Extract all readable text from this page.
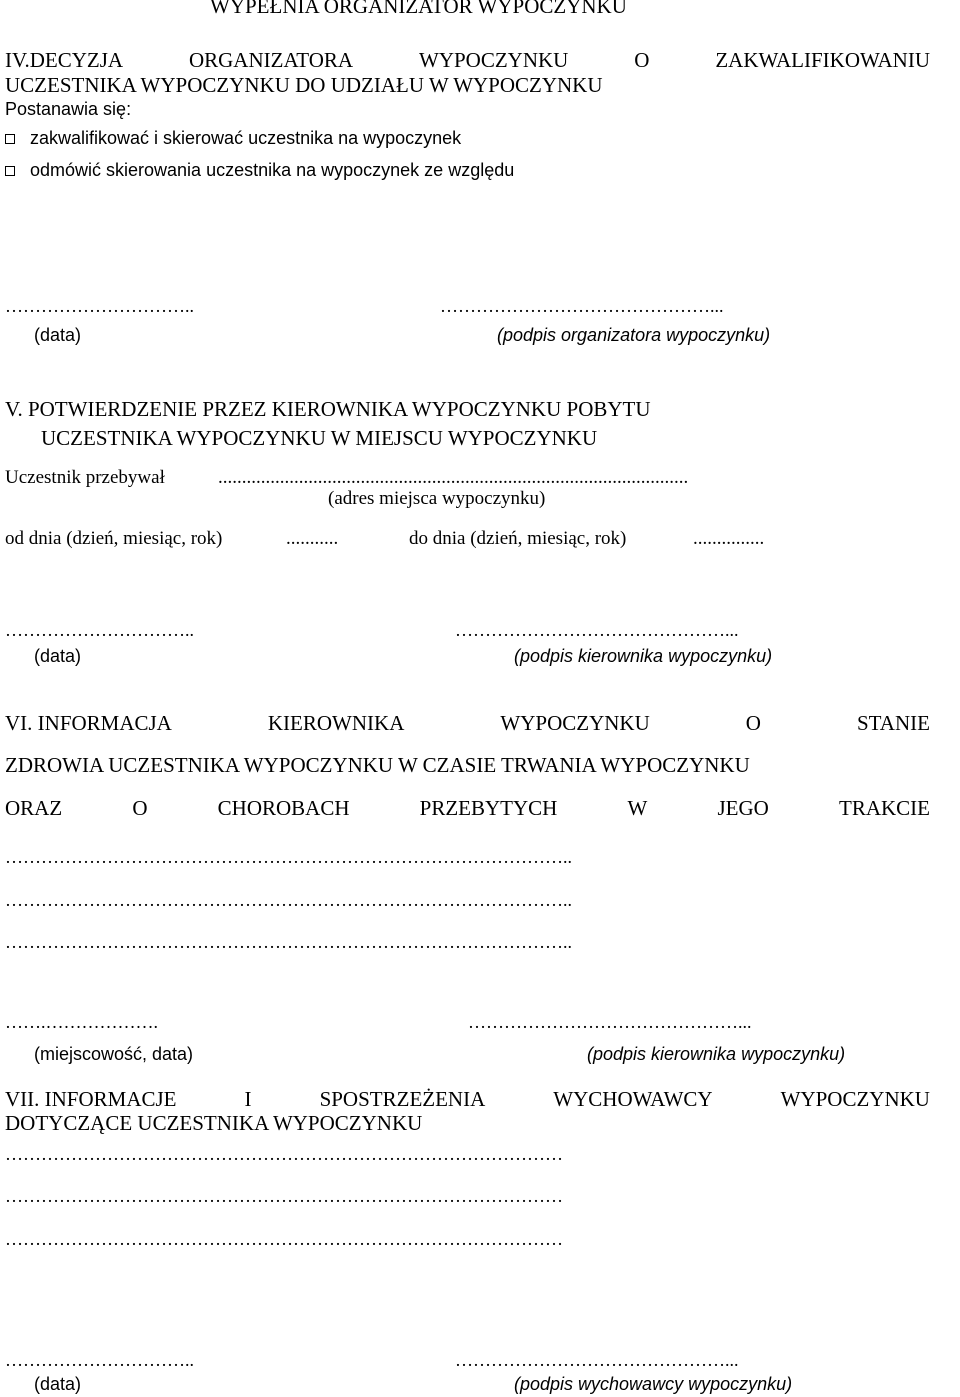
WYPEŁNIA ORGANIZATOR WYPOCZYNKU
IV.DECYZJA	ORGANIZATORA	WYPOCZYNKU	O	ZAKWALIFIKOWANIU
UCZESTNIKA WYPOCZYNKU DO UDZIAŁU W WYPOCZYNKU
Postanawia się:
zakwalifikować i skierować uczestnika na wypoczynek
odmówić skierowania uczestnika na wypoczynek ze względu
…………………………..	………………………………………...
(data)	(podpis organizatora wypoczynku)
V. POTWIERDZENIE PRZEZ KIEROWNIKA WYPOCZYNKU POBYTU
UCZESTNIKA WYPOCZYNKU W MIEJSCU WYPOCZYNKU
Uczestnik przebywał	...................................................................................................
(adres miejsca wypoczynku)
od dnia (dzień, miesiąc, rok)	...........	do dnia (dzień, miesiąc, rok)	...............
…………………………..	………………………………………...
(data)	(podpis kierownika wypoczynku)
VI. INFORMACJA	KIEROWNIKA	WYPOCZYNKU	O	STANIE
ZDROWIA UCZESTNIKA WYPOCZYNKU W CZASIE TRWANIA WYPOCZYNKU
ORAZ	O	CHOROBACH	PRZEBYTYCH	W	JEGO	TRAKCIE
…………………………………………………………………………………..
…………………………………………………………………………………..
…………………………………………………………………………………..
…….……………….	………………………………………...
(miejscowość, data)	(podpis kierownika wypoczynku)
VII. INFORMACJE	I	SPOSTRZEŻENIA	WYCHOWAWCY	WYPOCZYNKU
DOTYCZĄCE UCZESTNIKA WYPOCZYNKU
…………………………………………………………………………………
…………………………………………………………………………………
…………………………………………………………………………………
…………………………..	………………………………………...
(data)	(podpis wychowawcy wypoczynku)
